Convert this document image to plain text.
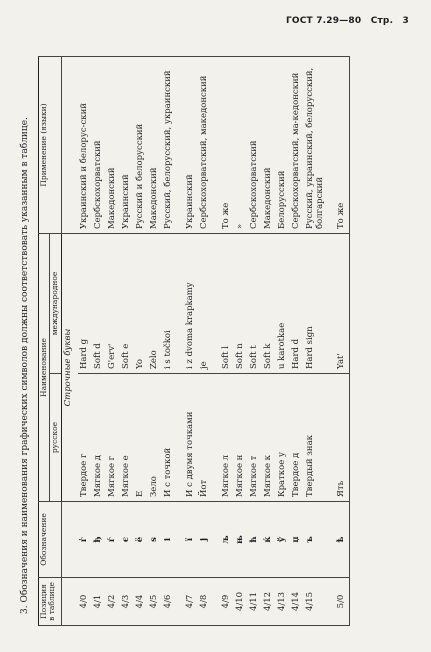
ГОСТ 7.29—80 Стр. 3
3. Обозначения и наименования графических символов должны соответствовать указанным в таблице. Позиция в таблице	Обозначение	Наименование		Применение (языки)
		русское	международное	
		Строчные буквы		
4/0	г̓	Твердое г	Hard g	Украинский и белорус-ский
4/1	ђ	Мягкое д	Soft d	Сербскохорватский
4/2	ѓ	Мягкое г	G'erv'	Македонский
4/3	є	Мягкое е	Soft e	Украинский
4/4	ё	Е	Yo	Русский и белорусский
4/5	ѕ	Зело	Zelo	Македонский
4/6	і	И с точкой	i s točkoi	Русский, белорусский, украинский

4/7	ї	И с двумя точками	i z dvoma krapkamy	Украинский
4/8	ј	Йот	je	Сербскохорватский, македонский

4/9	љ	Мягкое л	Soft l	То же
4/10	њ	Мягкое н	Soft n	»
4/11	ћ	Мягкое т	Soft t	Сербскохорватский
4/12	ќ	Мягкое к	Soft k	Македонский
4/13	ў	Краткое у	u karotkae	Белорусский
4/14	џ	Твердое д	Hard d	Сербскохорватский, ма-кедонский
4/15	ъ	Твердый знак	Hard sign	Русский, украинский, белорусский, болгарский

5/0	ѣ	Ять	Yat'	То же
